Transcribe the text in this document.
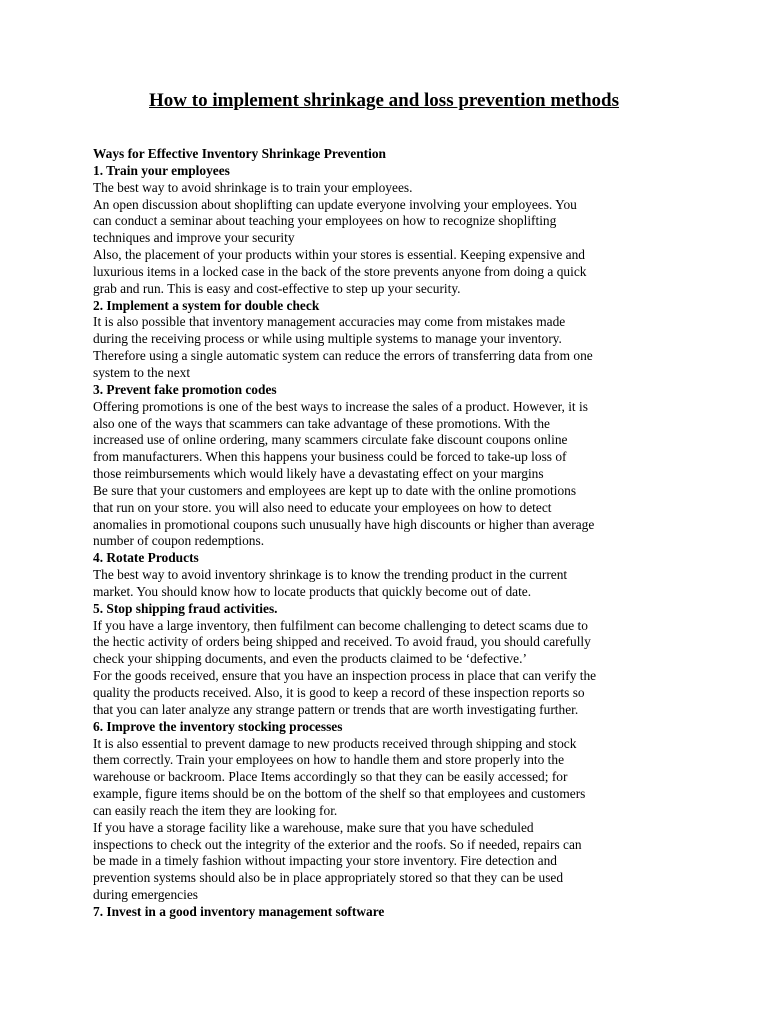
How to implement shrinkage and loss prevention methods
Ways for Effective Inventory Shrinkage Prevention
1. Train your employees
The best way to avoid shrinkage is to train your employees.
An open discussion about shoplifting can update everyone involving your employees. You
can conduct a seminar about teaching your employees on how to recognize shoplifting
techniques and improve your security
Also, the placement of your products within your stores is essential. Keeping expensive and
luxurious items in a locked case in the back of the store prevents anyone from doing a quick
grab and run. This is easy and cost-effective to step up your security.
2. Implement a system for double check
It is also possible that inventory management accuracies may come from mistakes made
during the receiving process or while using multiple systems to manage your inventory.
Therefore using a single automatic system can reduce the errors of transferring data from one
system to the next
3. Prevent fake promotion codes
Offering promotions is one of the best ways to increase the sales of a product. However, it is
also one of the ways that scammers can take advantage of these promotions. With the
increased use of online ordering, many scammers circulate fake discount coupons online
from manufacturers. When this happens your business could be forced to take-up loss of
those reimbursements which would likely have a devastating effect on your margins
Be sure that your customers and employees are kept up to date with the online promotions
that run on your store. you will also need to educate your employees on how to detect
anomalies in promotional coupons such unusually have high discounts or higher than average
number of coupon redemptions.
4. Rotate Products
The best way to avoid inventory shrinkage is to know the trending product in the current
market. You should know how to locate products that quickly become out of date.
5. Stop shipping fraud activities.
If you have a large inventory, then fulfilment can become challenging to detect scams due to
the hectic activity of orders being shipped and received. To avoid fraud, you should carefully
check your shipping documents, and even the products claimed to be ‘defective.’
For the goods received, ensure that you have an inspection process in place that can verify the
quality the products received. Also, it is good to keep a record of these inspection reports so
that you can later analyze any strange pattern or trends that are worth investigating further.
6. Improve the inventory stocking processes
It is also essential to prevent damage to new products received through shipping and stock
them correctly. Train your employees on how to handle them and store properly into the
warehouse or backroom. Place Items accordingly so that they can be easily accessed; for
example, figure items should be on the bottom of the shelf so that employees and customers
can easily reach the item they are looking for.
If you have a storage facility like a warehouse, make sure that you have scheduled
inspections to check out the integrity of the exterior and the roofs. So if needed, repairs can
be made in a timely fashion without impacting your store inventory. Fire detection and
prevention systems should also be in place appropriately stored so that they can be used
during emergencies
7. Invest in a good inventory management software
